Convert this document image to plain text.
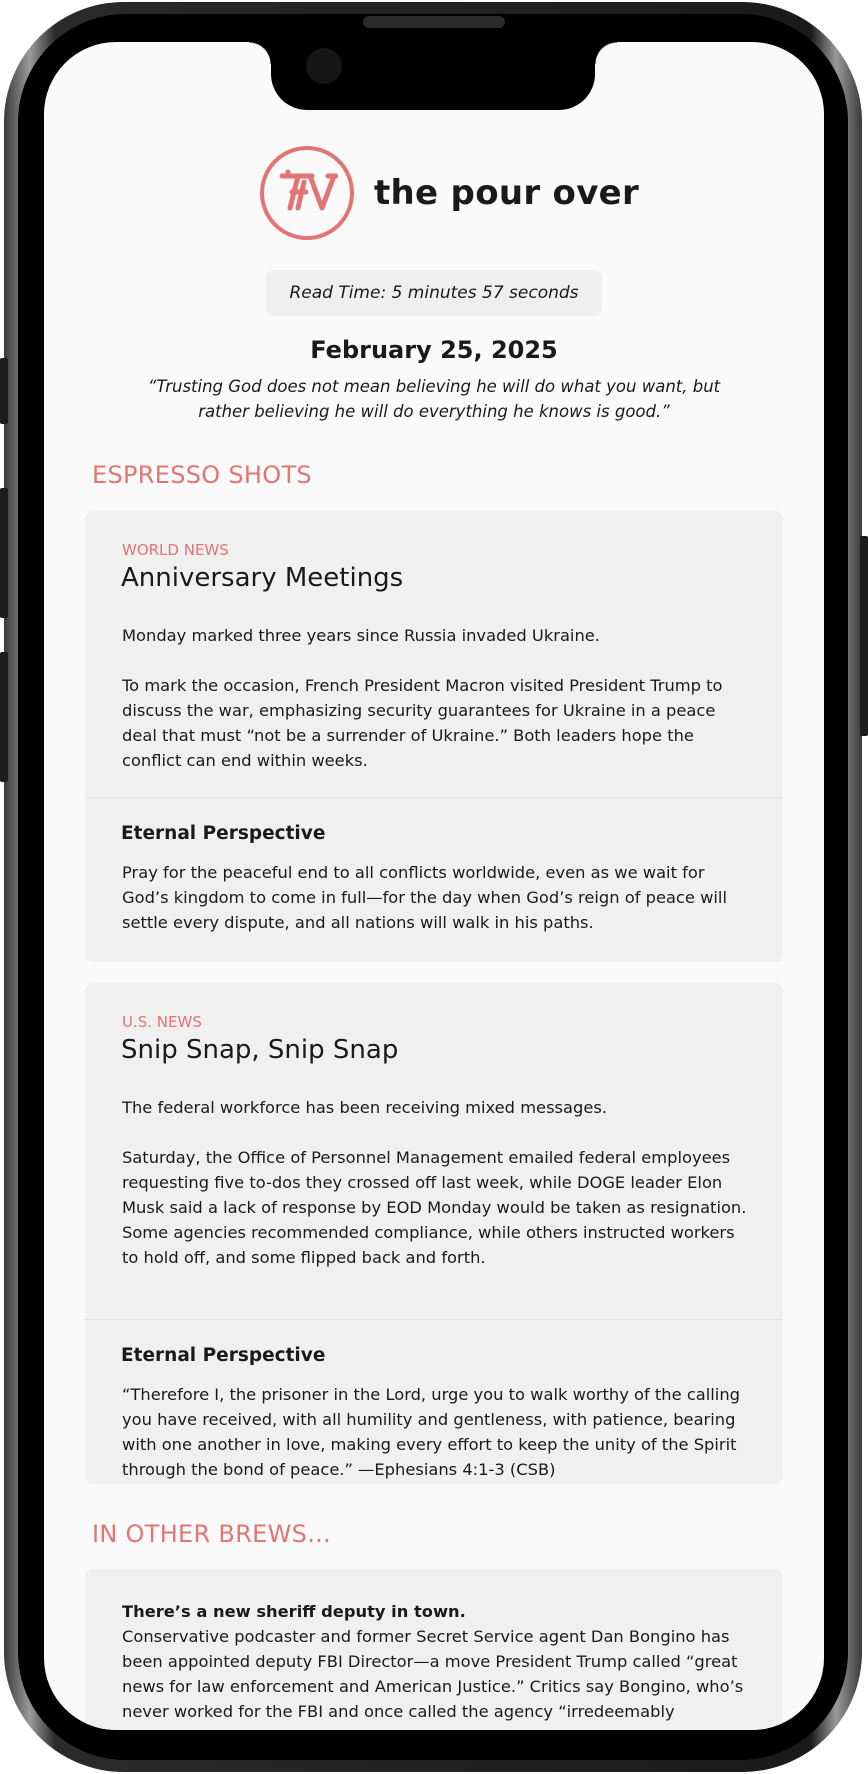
the pour over
Read Time: 5 minutes 57 seconds
February 25, 2025
“Trusting God does not mean believing he will do what you want, but rather believing he will do everything he knows is good.”
ESPRESSO SHOTS
WORLD NEWS
Anniversary Meetings
Monday marked three years since Russia invaded Ukraine.
To mark the occasion, French President Macron visited President Trump to discuss the war, emphasizing security guarantees for Ukraine in a peace deal that must “not be a surrender of Ukraine.” Both leaders hope the conflict can end within weeks.
Eternal Perspective
Pray for the peaceful end to all conflicts worldwide, even as we wait for God’s kingdom to come in full—for the day when God’s reign of peace will settle every dispute, and all nations will walk in his paths.
U.S. NEWS
Snip Snap, Snip Snap
The federal workforce has been receiving mixed messages.
Saturday, the Office of Personnel Management emailed federal employees requesting five to-dos they crossed off last week, while DOGE leader Elon Musk said a lack of response by EOD Monday would be taken as resignation. Some agencies recommended compliance, while others instructed workers to hold off, and some flipped back and forth.
Eternal Perspective
“Therefore I, the prisoner in the Lord, urge you to walk worthy of the calling you have received, with all humility and gentleness, with patience, bearing with one another in love, making every effort to keep the unity of the Spirit through the bond of peace.” —Ephesians 4:1-3 (CSB)
IN OTHER BREWS...
There’s a new sheriff deputy in town.
Conservative podcaster and former Secret Service agent Dan Bongino has been appointed deputy FBI Director—a move President Trump called “great news for law enforcement and American Justice.” Critics say Bongino, who’s never worked for the FBI and once called the agency “irredeemably
